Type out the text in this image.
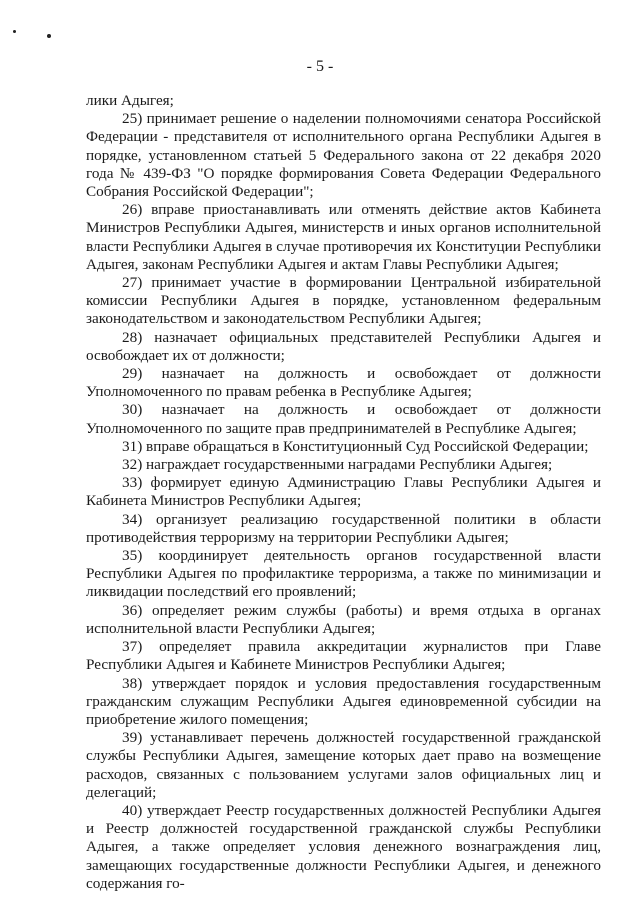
- 5 -

лики Адыгея;

25) принимает решение о наделении полномочиями сенатора Российской Федерации - представителя от исполнительного органа Республики Адыгея в порядке, установленном статьей 5 Федерального закона от 22 декабря 2020 года № 439-ФЗ "О порядке формирования Совета Федерации Федерального Собрания Российской Федерации";

26) вправе приостанавливать или отменять действие актов Кабинета Министров Республики Адыгея, министерств и иных органов исполнительной власти Республики Адыгея в случае противоречия их Конституции Республики Адыгея, законам Республики Адыгея и актам Главы Республики Адыгея;

27) принимает участие в формировании Центральной избирательной комиссии Республики Адыгея в порядке, установленном федеральным законодательством и законодательством Республики Адыгея;

28) назначает официальных представителей Республики Адыгея и освобождает их от должности;

29) назначает на должность и освобождает от должности Уполномоченного по правам ребенка в Республике Адыгея;

30) назначает на должность и освобождает от должности Уполномоченного по защите прав предпринимателей в Республике Адыгея;

31) вправе обращаться в Конституционный Суд Российской Федерации;

32) награждает государственными наградами Республики Адыгея;

33) формирует единую Администрацию Главы Республики Адыгея и Кабинета Министров Республики Адыгея;

34) организует реализацию государственной политики в области противодействия терроризму на территории Республики Адыгея;

35) координирует деятельность органов государственной власти Республики Адыгея по профилактике терроризма, а также по минимизации и ликвидации последствий его проявлений;

36) определяет режим службы (работы) и время отдыха в органах исполнительной власти Республики Адыгея;

37) определяет правила аккредитации журналистов при Главе Республики Адыгея и Кабинете Министров Республики Адыгея;

38) утверждает порядок и условия предоставления государственным гражданским служащим Республики Адыгея единовременной субсидии на приобретение жилого помещения;

39) устанавливает перечень должностей государственной гражданской службы Республики Адыгея, замещение которых дает право на возмещение расходов, связанных с пользованием услугами залов официальных лиц и делегаций;

40) утверждает Реестр государственных должностей Республики Адыгея и Реестр должностей государственной гражданской службы Республики Адыгея, а также определяет условия денежного вознаграждения лиц, замещающих государственные должности Республики Адыгея, и денежного содержания го-
